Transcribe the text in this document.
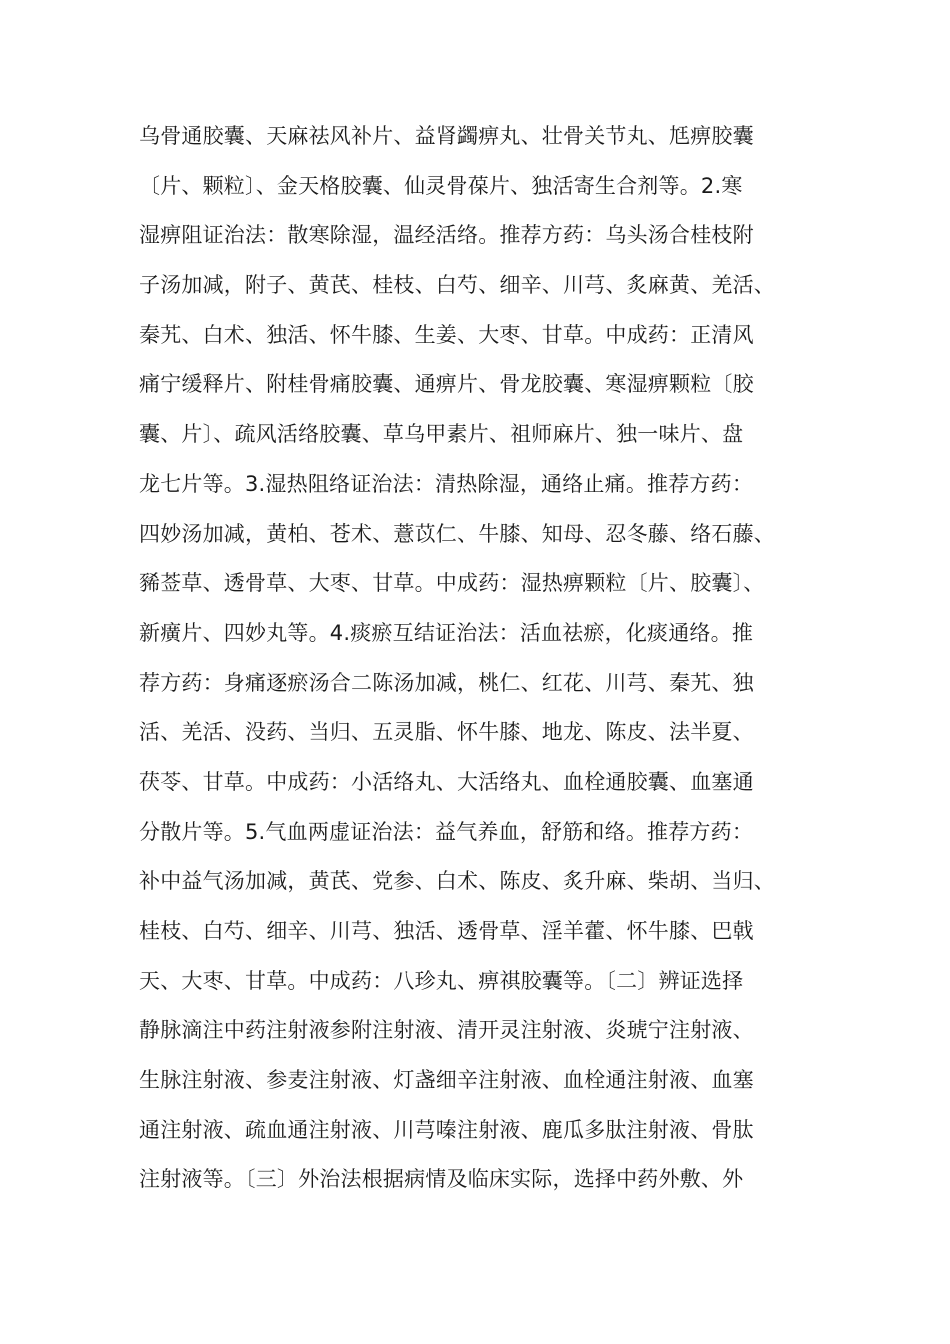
乌骨通胶囊、天麻祛风补片、益肾蠲痹丸、壮骨关节丸、尪痹胶囊
〔片、颗粒〕、金天格胶囊、仙灵骨葆片、独活寄生合剂等。2.寒
湿痹阻证治法：散寒除湿，温经活络。推荐方药：乌头汤合桂枝附
子汤加减，附子、黄芪、桂枝、白芍、细辛、川芎、炙麻黄、羌活、
秦艽、白术、独活、怀牛膝、生姜、大枣、甘草。中成药：正清风
痛宁缓释片、附桂骨痛胶囊、通痹片、骨龙胶囊、寒湿痹颗粒〔胶
囊、片〕、疏风活络胶囊、草乌甲素片、祖师麻片、独一味片、盘
龙七片等。3.湿热阻络证治法：清热除湿，通络止痛。推荐方药：
四妙汤加减，黄柏、苍术、薏苡仁、牛膝、知母、忍冬藤、络石藤、
豨莶草、透骨草、大枣、甘草。中成药：湿热痹颗粒〔片、胶囊〕、
新癀片、四妙丸等。4.痰瘀互结证治法：活血祛瘀，化痰通络。推
荐方药：身痛逐瘀汤合二陈汤加减，桃仁、红花、川芎、秦艽、独
活、羌活、没药、当归、五灵脂、怀牛膝、地龙、陈皮、法半夏、
茯苓、甘草。中成药：小活络丸、大活络丸、血栓通胶囊、血塞通
分散片等。5.气血两虚证治法：益气养血，舒筋和络。推荐方药：
补中益气汤加减，黄芪、党参、白术、陈皮、炙升麻、柴胡、当归、
桂枝、白芍、细辛、川芎、独活、透骨草、淫羊藿、怀牛膝、巴戟
天、大枣、甘草。中成药：八珍丸、痹祺胶囊等。〔二〕辨证选择
静脉滴注中药注射液参附注射液、清开灵注射液、炎琥宁注射液、
生脉注射液、参麦注射液、灯盏细辛注射液、血栓通注射液、血塞
通注射液、疏血通注射液、川芎嗪注射液、鹿瓜多肽注射液、骨肽
注射液等。〔三〕外治法根据病情及临床实际，选择中药外敷、外
